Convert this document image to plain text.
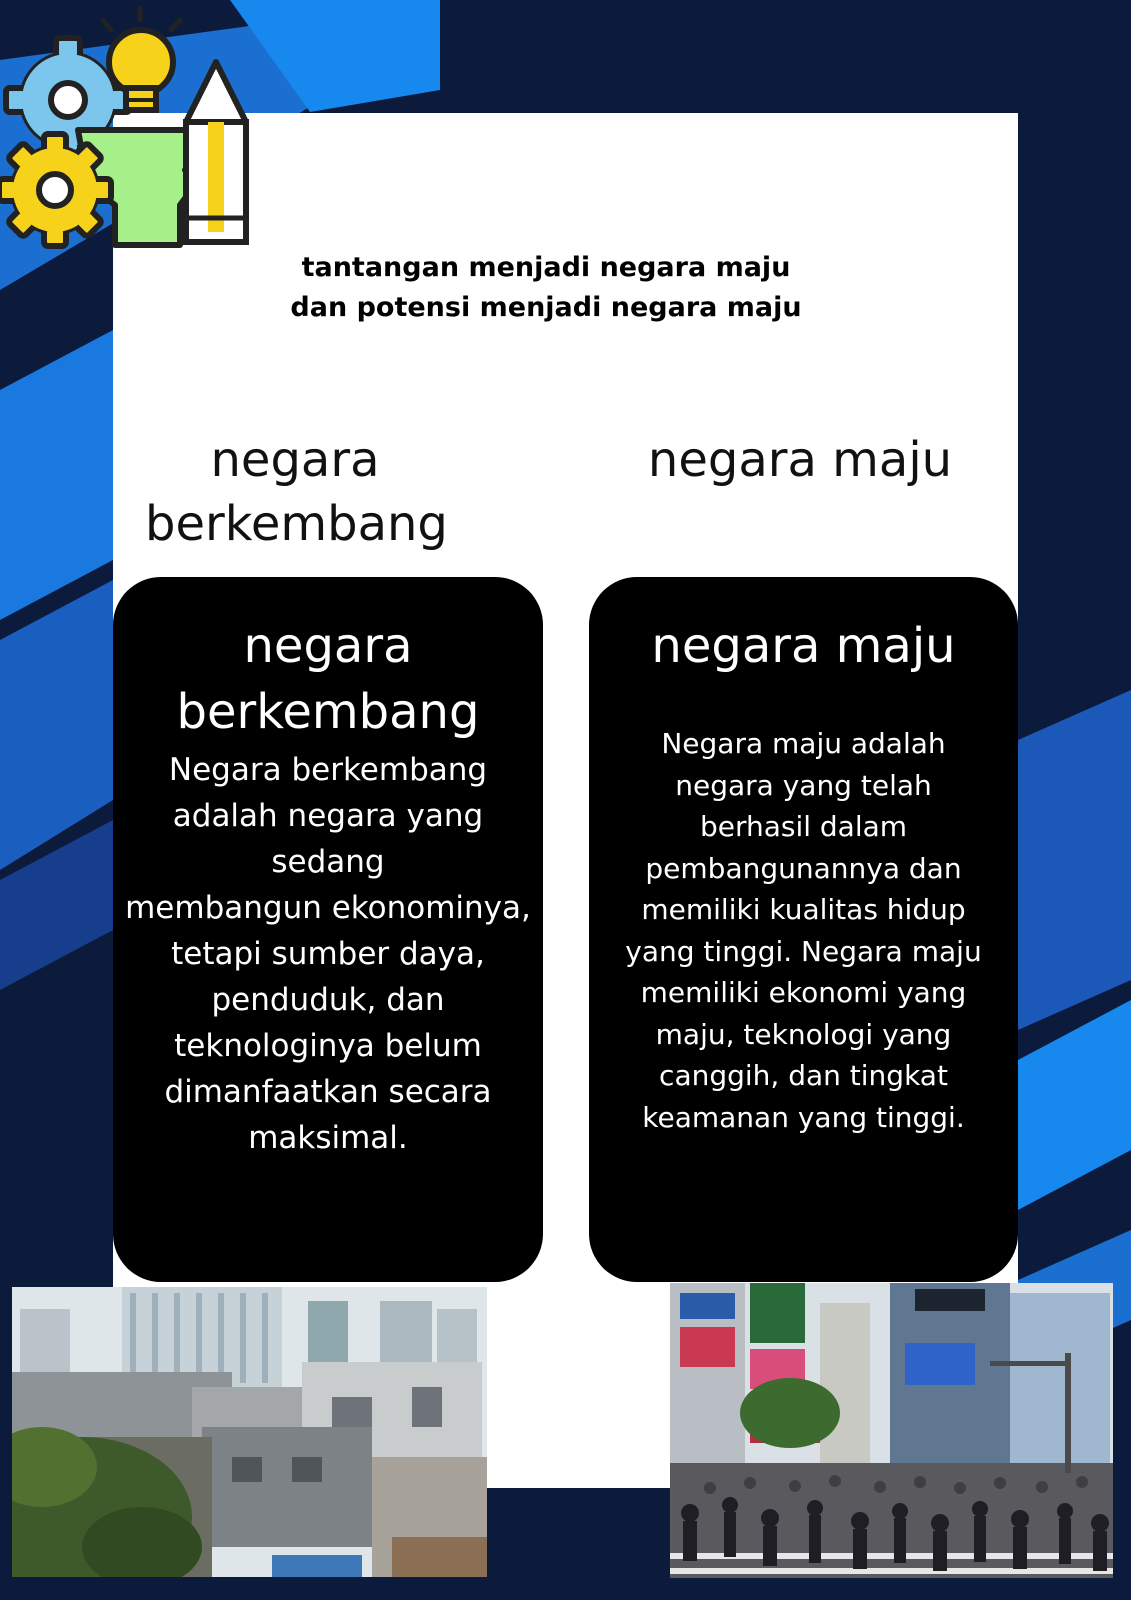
tantangan menjadi negara maju
dan potensi menjadi negara maju
negara
berkembang
negara maju
negara
berkembang
Negara berkembang
adalah negara yang sedang
membangun ekonominya,
tetapi sumber daya,
penduduk, dan
teknologinya belum
dimanfaatkan secara
maksimal.
negara maju
Negara maju adalah
negara yang telah
berhasil dalam
pembangunannya dan
memiliki kualitas hidup
yang tinggi. Negara maju
memiliki ekonomi yang
maju, teknologi yang
canggih, dan tingkat
keamanan yang tinggi.
